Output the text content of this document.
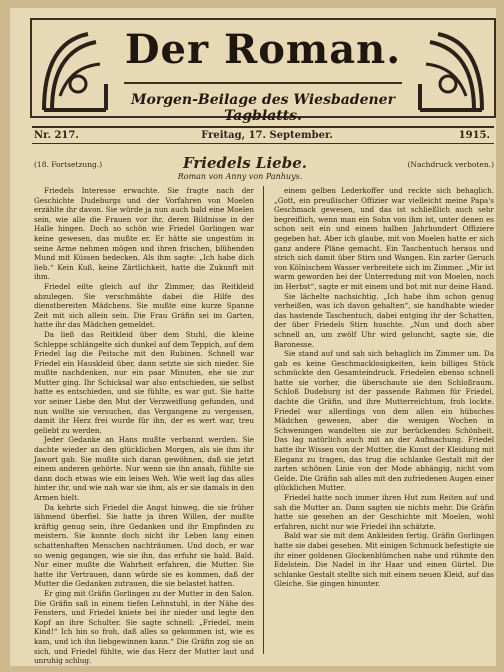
Der Roman.
Morgen-Beilage des Wiesbadener Tagblatts.
Nr. 217.	Freitag, 17. September.	1915.
(18. Fortsetzung.)	(Nachdruck verboten.)
Friedels Liebe.
Roman von Anny von Panhuys.

Friedels Interesse erwachte. Sie fragte nach der Geschichte Dudeburgs und der Vorfahren von Moelen erzählte ihr davon. Sie würde ja nun auch bald eine Moelen sein, wie alle die Frauen vor ihr, deren Bildnisse in der Halle hingen. Doch so schön wie Friedel Gorlingen war keine gewesen, das mußte er. Er hätte sie ungestüm in seine Arme nehmen mögen und ihren frischen, blühenden Mund mit Küssen bedecken. Als ihm sagte: „Ich habe dich lieb.“ Kein Kuß, keine Zärtlichkeit, hatte die Zukunft mit ihm.

Friedel eilte gleich auf ihr Zimmer, das Reitkleid abzulegen. Sie verschmähte dabei die Hilfe des dienstbereiten Mädchens. Sie mußte eine kurze Spanne Zeit mit sich allein sein. Die Frau Gräfin sei im Garten, hatte ihr das Mädchen gemeldet.

Da ließ das Reitkleid über dem Stuhl, die kleine Schleppe schlängelte sich dunkel auf dem Teppich, auf dem Friedel lag die Peitsche mit den Rubinen. Schnell war Friedel ein Hauskleid über, dann setzte sie sich nieder. Sie mußte nachdenken, nur ein paar Minuten, ehe sie zur Mutter ging. Ihr Schicksal war also entschieden, sie selbst hatte es entschieden, und sie fühlte, es war gut. Sie hatte vor seiner Liebe den Mut der Verzweiflung gefunden, und nun wollte sie versuchen, das Vergangene zu vergessen, damit ihr Herz frei wurde für ihn, der es wert war, treu geliebt zu werden.

Jeder Gedanke an Hans mußte verbannt werden. Sie dachte wieder an den glücklichen Morgen, als sie ihm ihr Jawort gab. Sie mußte sich daran gewöhnen, daß sie jetzt einem anderen gehörte. Nur wenn sie ihn ansah, fühlte sie dann doch etwas wie ein leises Weh. Wie weit lag das alles hinter ihr, und wie nah war sie ihm, als er sie damals in den Armen hielt.

Da kehrte sich Friedel die Angst hinweg, die sie früher lähmend überfiel. Sie hatte ja ihren Willen, der mußte kräftig genug sein, ihre Gedanken und ihr Empfinden zu meistern. Sie konnte doch nicht ihr Leben lang einen schattenhaften Menschen nachträumen. Und doch, er war so wenig gegangen, wie sie ihn, das erfuhr sie bald. Bald. Nur einer mußte die Wahrheit erfahren, die Mutter. Sie hatte ihr Vertrauen, dann würde sie es kommen, daß der Mutter die Gedanken zutrauen, die sie belastet hatten.

Er ging mit Gräfin Gorlingen zu der Mutter in den Salon. Die Gräfin saß in einem tiefen Lehnstuhl, in der Nähe des Fensters, und Friedel kniete bei ihr nieder und legte den Kopf an ihre Schulter. Sie sagte schnell: „Friedel, mein Kind!“ Ich bin so froh, daß alles so gekommen ist, wie es kam, und ich ihn liebgewinnen kann.“ Die Gräfin zog sie an sich, und Friedel fühlte, wie das Herz der Mutter laut und unruhig schlug.

einem gelben Lederkoffer und reckte sich behaglich. „Gott, ein preußischer Offizier war vielleicht meine Papa's Geschmack gewesen, und das ist schließlich auch sehr begreiflich, wenn man ein Sohn von ihm ist, unter denen es schon seit ein und einem halben Jahrhundert Offiziere gegeben hat. Aber ich glaube, mit von Moelen hatte er sich ganz andere Pläne gemacht. Ein Taschentuch heraus und strich sich damit über Stirn und Wangen. Ein zarter Geruch von Kölnischem Wasser verbreitete sich im Zimmer. „Mir ist warm geworden bei der Unterredung mit von Moelen, noch im Herbst“, sagte er mit einem und bot mit nur deine Hand.

Sie lächelte nachsichtig. „Ich habe ihm schon genug verheißen, was ich davon gehalten“, sie handhabte wieder das hastende Taschentuch, dabei entging ihr der Schatten, der über Friedels Stirn huschte. „Nun und doch aber schnell an, um zwölf Uhr wird geluncht, sagte sie, die Baronesse.

Sie stand auf und sah sich behaglich im Zimmer um. Da gab es keine Geschmacklosigkeiten, kein billiges Stück schmückte den Gesamteindruck. Friedelen ebenso schnell hatte sie vorher, die überschaute sie den Schloßraum. Schloß Dudeburg ist der passende Rahmen für Friedel, dachte die Gräfin, und ihre Mutterreichtum, froh lockte. Friedel war allerdings von dem allen ein hübsches Mädchen gewesen, aber die wenigen Wochen in Schweningen wandelten sie zur berückenden Schönheit. Das lag natürlich auch mit an der Aufmachung. Friedel hatte ihr Wissen von der Mutter, die Kunst der Kleidung mit Eleganz zu tragen, das trug die schlanke Gestalt mit der zarten schönen Linie von der Mode abhängig, nicht vom Gelde. Die Gräfin sah alles mit den zufriedenen Augen einer glücklichen Mutter.

Friedel hatte noch immer ihren Hut zum Reiten auf und sah die Mutter an. Dann sagten sie nichts mehr. Die Gräfin hatte sie gesehen an der Geschichte mit Moelen, wohl erfahren, nicht nur wie Friedel ihn schätzte.

Bald war sie mit dem Ankleiden fertig. Gräfin Gorlingen hatte sie dabei gesehen. Mit einigen Schmuck befestigte sie ihr einer goldenen Glockenblümchen nahe und rühmte den Edelstein. Die Nadel in ihr Haar und einen Gürtel. Die schlanke Gestalt stellte sich mit einem neuen Kleid, auf das Gleiche. Sie gingen hinunter.
